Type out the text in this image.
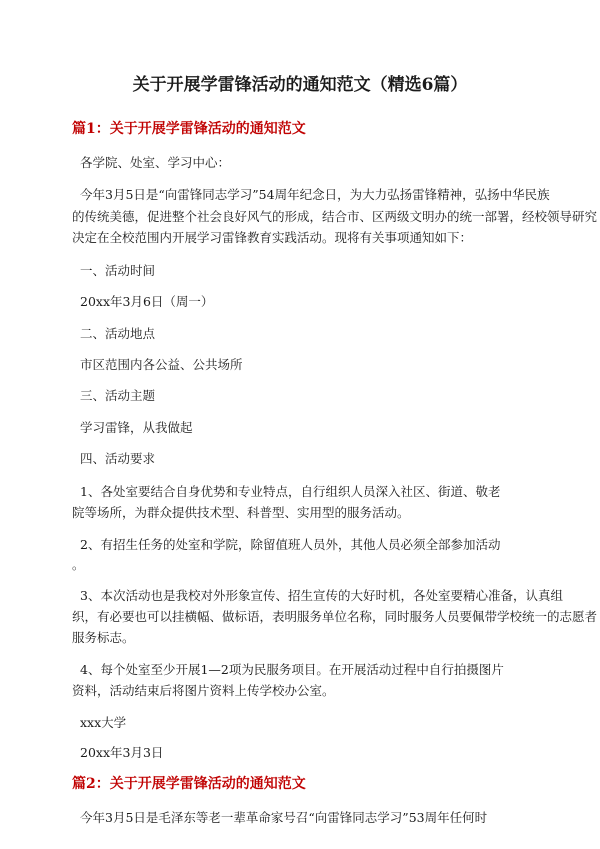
关于开展学雷锋活动的通知范文（精选6篇）
篇1：关于开展学雷锋活动的通知范文
各学院、处室、学习中心：
今年3月5日是“向雷锋同志学习”54周年纪念日，为大力弘扬雷锋精神，弘扬中华民族
的传统美德，促进整个社会良好风气的形成，结合市、区两级文明办的统一部署，经校领导研究
决定在全校范围内开展学习雷锋教育实践活动。现将有关事项通知如下：
一、活动时间
20xx年3月6日（周一）
二、活动地点
市区范围内各公益、公共场所
三、活动主题
学习雷锋，从我做起
四、活动要求
1、各处室要结合自身优势和专业特点，自行组织人员深入社区、街道、敬老
院等场所，为群众提供技术型、科普型、实用型的服务活动。
2、有招生任务的处室和学院，除留值班人员外，其他人员必须全部参加活动
。
3、本次活动也是我校对外形象宣传、招生宣传的大好时机，各处室要精心准备，认真组
织，有必要也可以挂横幅、做标语，表明服务单位名称，同时服务人员要佩带学校统一的志愿者
服务标志。
4、每个处室至少开展1—2项为民服务项目。在开展活动过程中自行拍摄图片
资料，活动结束后将图片资料上传学校办公室。
xxx大学
20xx年3月3日
篇2：关于开展学雷锋活动的通知范文
今年3月5日是毛泽东等老一辈革命家号召“向雷锋同志学习”53周年任何时
